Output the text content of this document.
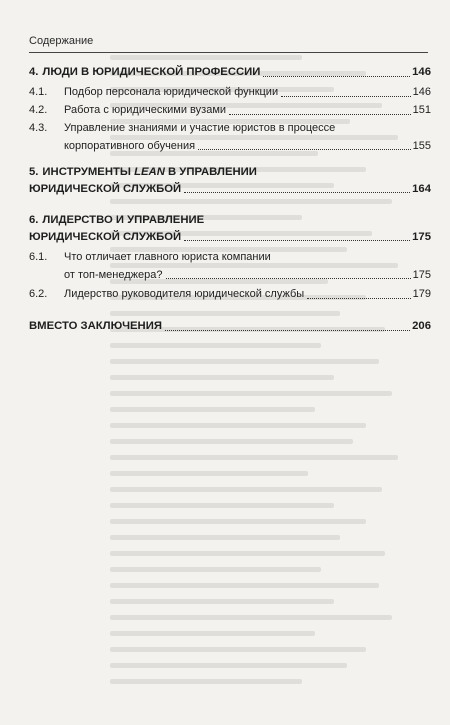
Содержание
4. ЛЮДИ В ЮРИДИЧЕСКОЙ ПРОФЕССИИ	146
4.1.	Подбор персонала юридической функции	146
4.2.	Работа с юридическими вузами	151
4.3.	Управление знаниями и участие юристов в процессе
корпоративного обучения	155
5. ИНСТРУМЕНТЫ LEAN В УПРАВЛЕНИИ
ЮРИДИЧЕСКОЙ СЛУЖБОЙ	164
6. ЛИДЕРСТВО И УПРАВЛЕНИЕ
ЮРИДИЧЕСКОЙ СЛУЖБОЙ	175
6.1.	Что отличает главного юриста компании
от топ-менеджера?	175
6.2.	Лидерство руководителя юридической службы	179
ВМЕСТО ЗАКЛЮЧЕНИЯ	206
